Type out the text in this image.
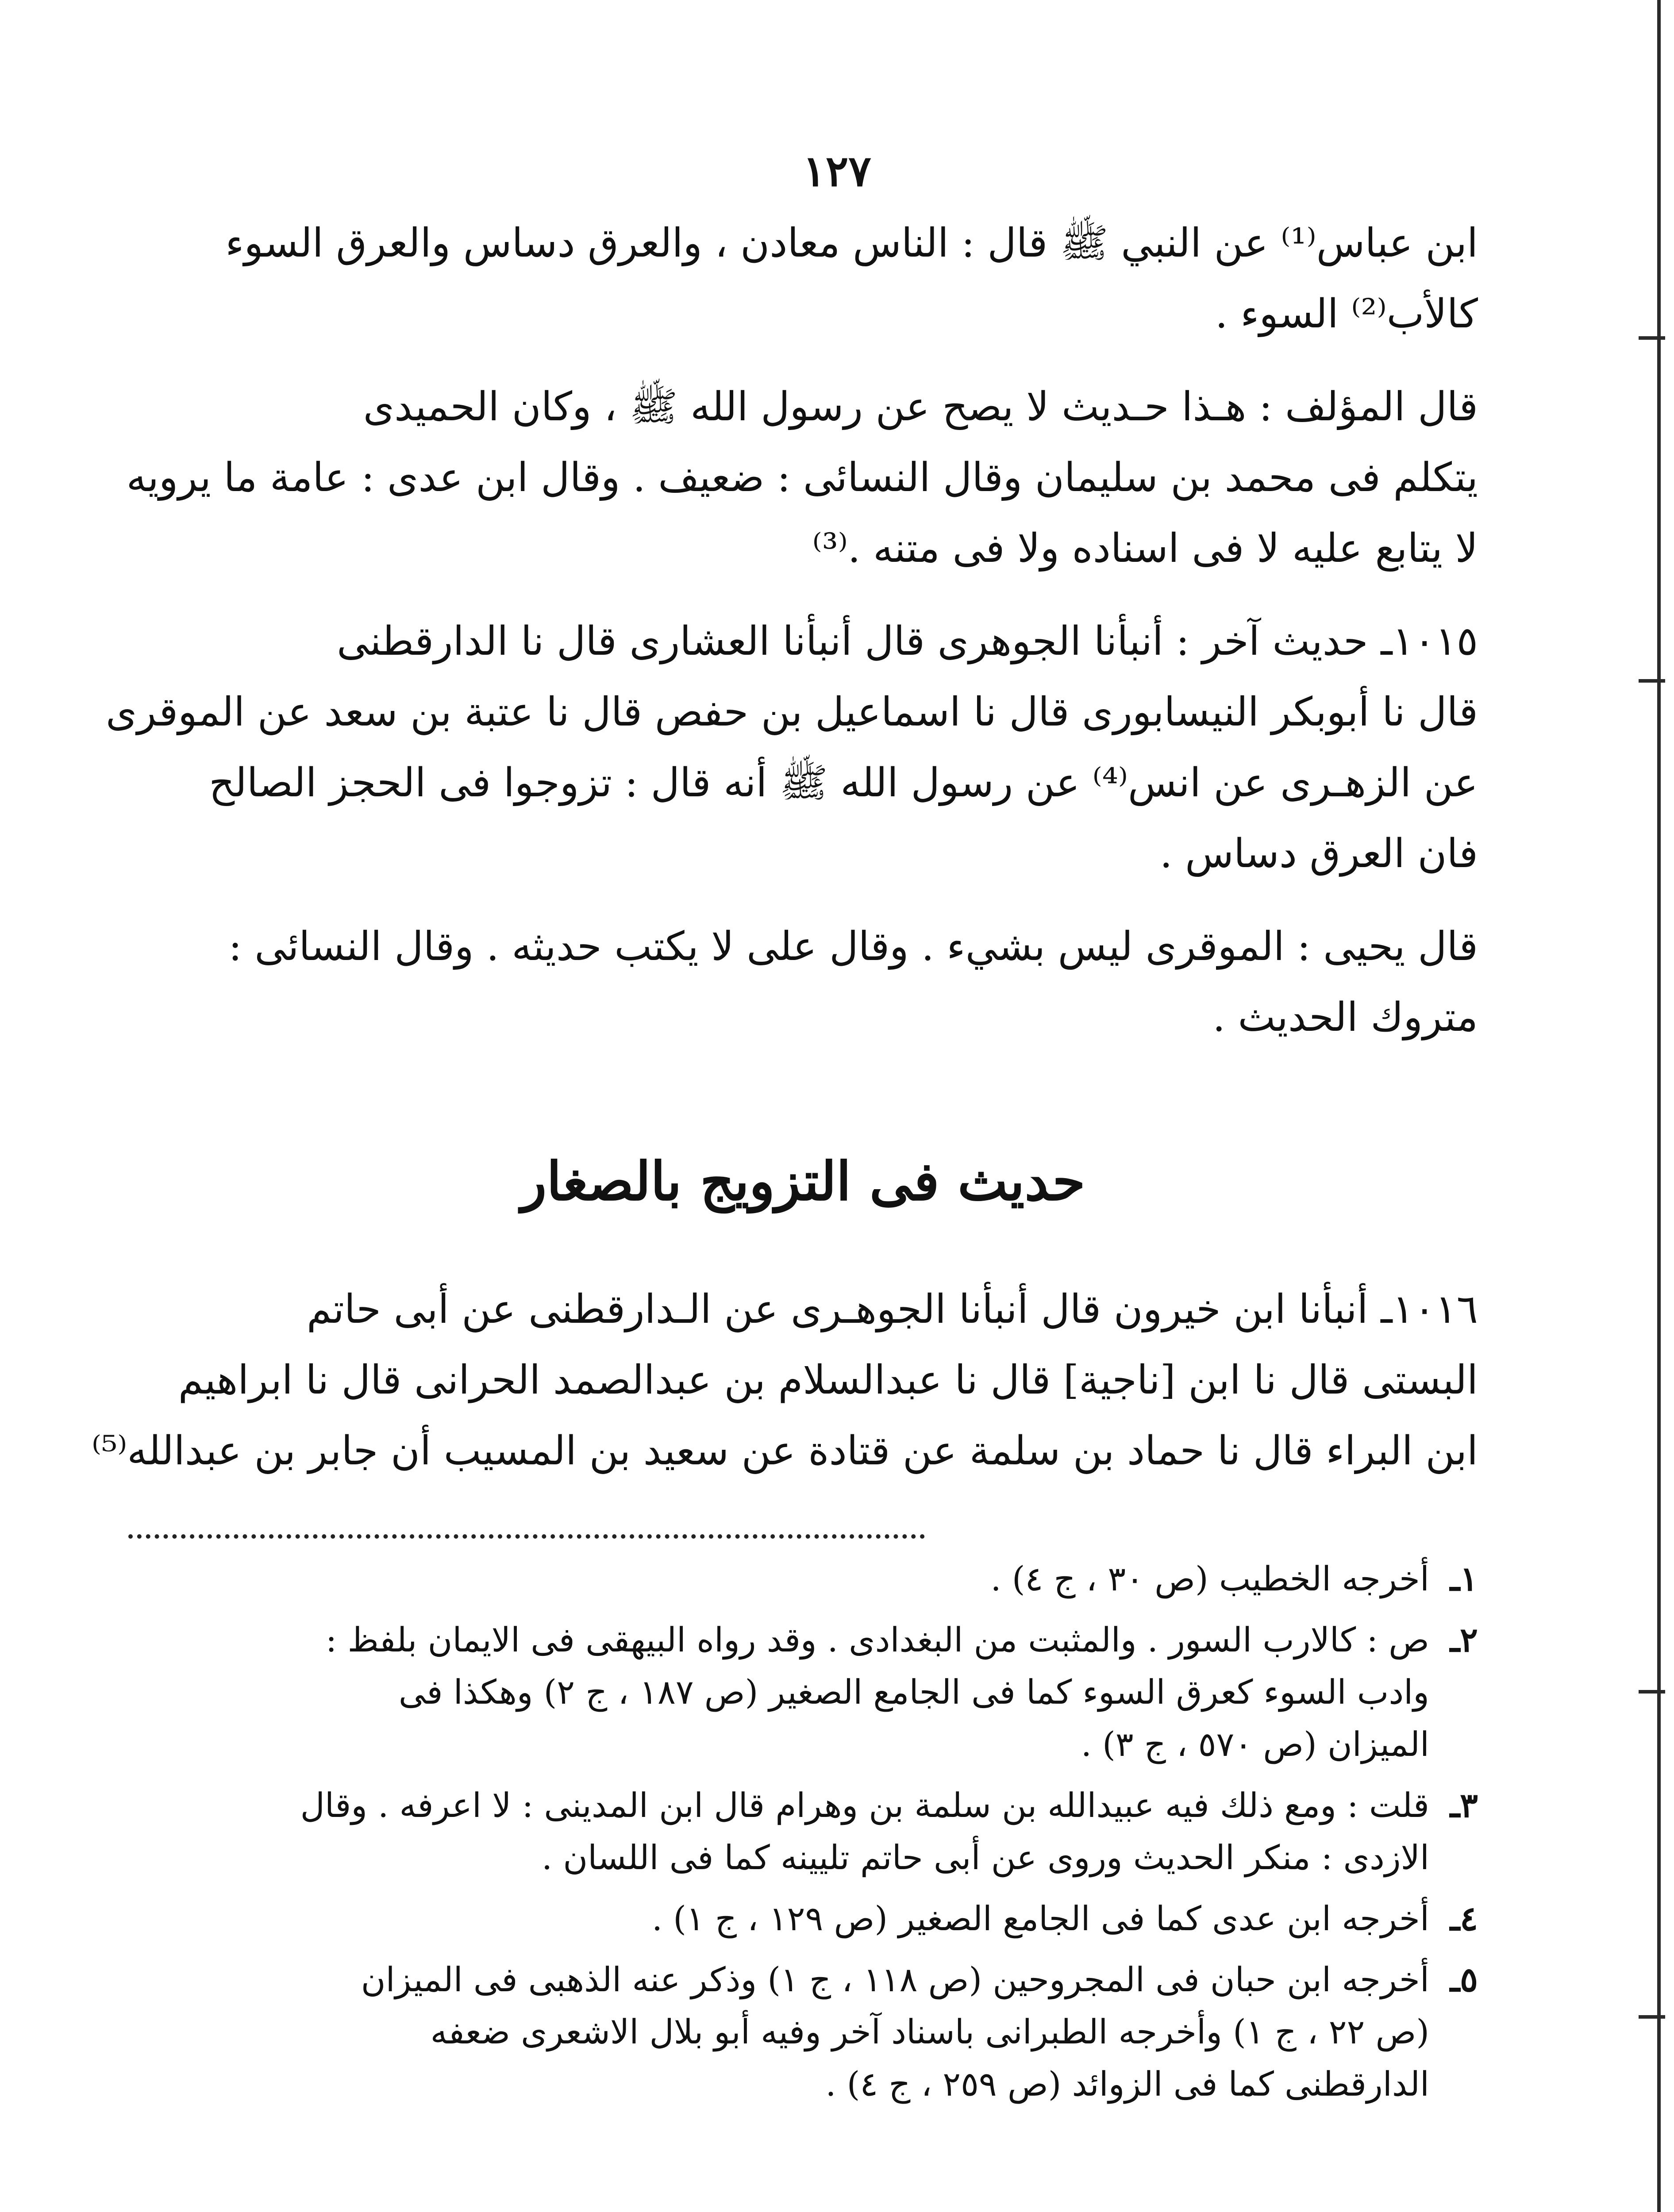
١٢٧

ابن عباس⁽¹⁾ عن النبي ﷺ قال : الناس معادن ، والعرق دساس والعرق السوء

كالأب⁽²⁾ السوء .

قال المؤلف : هـذا حـديث لا يصح عن رسول الله ﷺ ، وكان الحميدى

يتكلم فى محمد بن سليمان وقال النسائى : ضعيف . وقال ابن عدى : عامة ما يرويه

لا يتابع عليه لا فى اسناده ولا فى متنه .⁽³⁾

١٠١٥ـ حديث آخر : أنبأنا الجوهرى قال أنبأنا العشارى قال نا الدارقطنى

قال نا أبوبكر النيسابورى قال نا اسماعيل بن حفص قال نا عتبة بن سعد عن الموقرى

عن الزهـرى عن انس⁽⁴⁾ عن رسول الله ﷺ أنه قال : تزوجوا فى الحجز الصالح

فان العرق دساس .

قال يحيى : الموقرى ليس بشيء . وقال على لا يكتب حديثه . وقال النسائى :

متروك الحديث .

حديث فى التزويج بالصغار

١٠١٦ـ أنبأنا ابن خيرون قال أنبأنا الجوهـرى عن الـدارقطنى عن أبى حاتم

البستى قال نا ابن [ناجية] قال نا عبدالسلام بن عبدالصمد الحرانى قال نا ابراهيم

ابن البراء قال نا حماد بن سلمة عن قتادة عن سعيد بن المسيب أن جابر بن عبدالله⁽⁵⁾

١ـ
أخرجه الخطيب (ص ٣٠ ، ج ٤) .
٢ـ
ص : كالارب السور . والمثبت من البغدادى . وقد رواه البيهقى فى الايمان بلفظ :
وادب السوء كعرق السوء كما فى الجامع الصغير (ص ١٨٧ ، ج ٢) وهكذا فى
الميزان (ص ٥٧٠ ، ج ٣) .
٣ـ
قلت : ومع ذلك فيه عبيدالله بن سلمة بن وهرام قال ابن المدينى : لا اعرفه . وقال
الازدى : منكر الحديث وروى عن أبى حاتم تليينه كما فى اللسان .
٤ـ
أخرجه ابن عدى كما فى الجامع الصغير (ص ١٢٩ ، ج ١) .
٥ـ
أخرجه ابن حبان فى المجروحين (ص ١١٨ ، ج ١) وذكر عنه الذهبى فى الميزان
(ص ٢٢ ، ج ١) وأخرجه الطبرانى باسناد آخر وفيه أبو بلال الاشعرى ضعفه
الدارقطنى كما فى الزوائد (ص ٢٥٩ ، ج ٤) .
